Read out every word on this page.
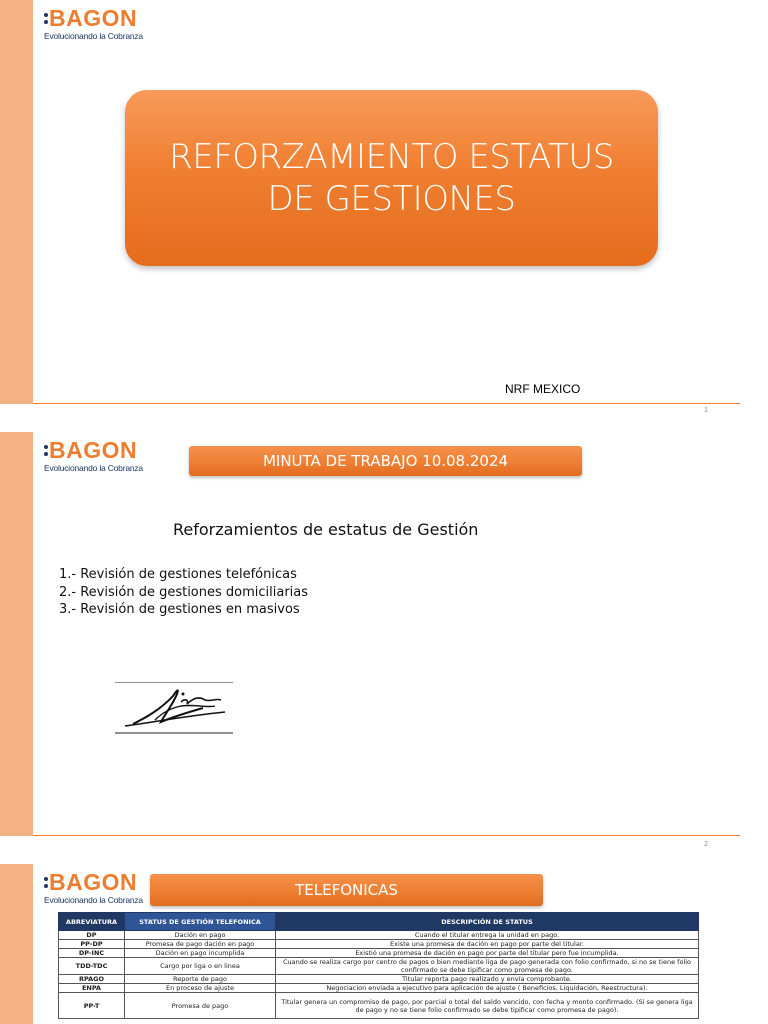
BAGON
Evolucionando la Cobranza
REFORZAMIENTO ESTATUS DE GESTIONES
NRF MEXICO
1
BAGON
Evolucionando la Cobranza	MINUTA DE TRABAJO 10.08.2024
Reforzamientos de estatus de Gestión
1.- Revisión de gestiones telefónicas
2.- Revisión de gestiones domiciliarias
3.- Revisión de gestiones en masivos
2
BAGON
Evolucionando la Cobranza
TELEFONICAS
ABREVIATURA	STATUS DE GESTIÓN TELEFONICA	DESCRIPCIÓN DE STATUS
DP	Dación en pago	Cuando el titular entrega la unidad en pago.
PP-DP	Promesa de pago dación en pago	Existe una promesa de dación en pago por parte del titular.
DP-INC	Dación en pago incumplida	Existió una promesa de dación en pago por parte del titular pero fue incumplida.
TDD-TDC	Cargo por liga o en linea	Cuando se realiza cargo por centro de pagos o bien mediante liga de pago generada con folio confirmado, si no se tiene folio confirmado se debe tipificar como promesa de pago.
RPAGO	Reporte de pago	Titular reporta pago realizado y envía comprobante.
ENPA	En proceso de ajuste	Negociacion enviada a ejecutivo para aplicación de ajuste ( Beneficios, Liquidación, Reestructura).
PP-T	Promesa de pago	Titular genera un compromiso de pago, por parcial o total del saldo vencido, con fecha y monto confirmado. (Si se genera liga de pago y no se tiene folio confirmado se debe tipificar como promesa de pago).
